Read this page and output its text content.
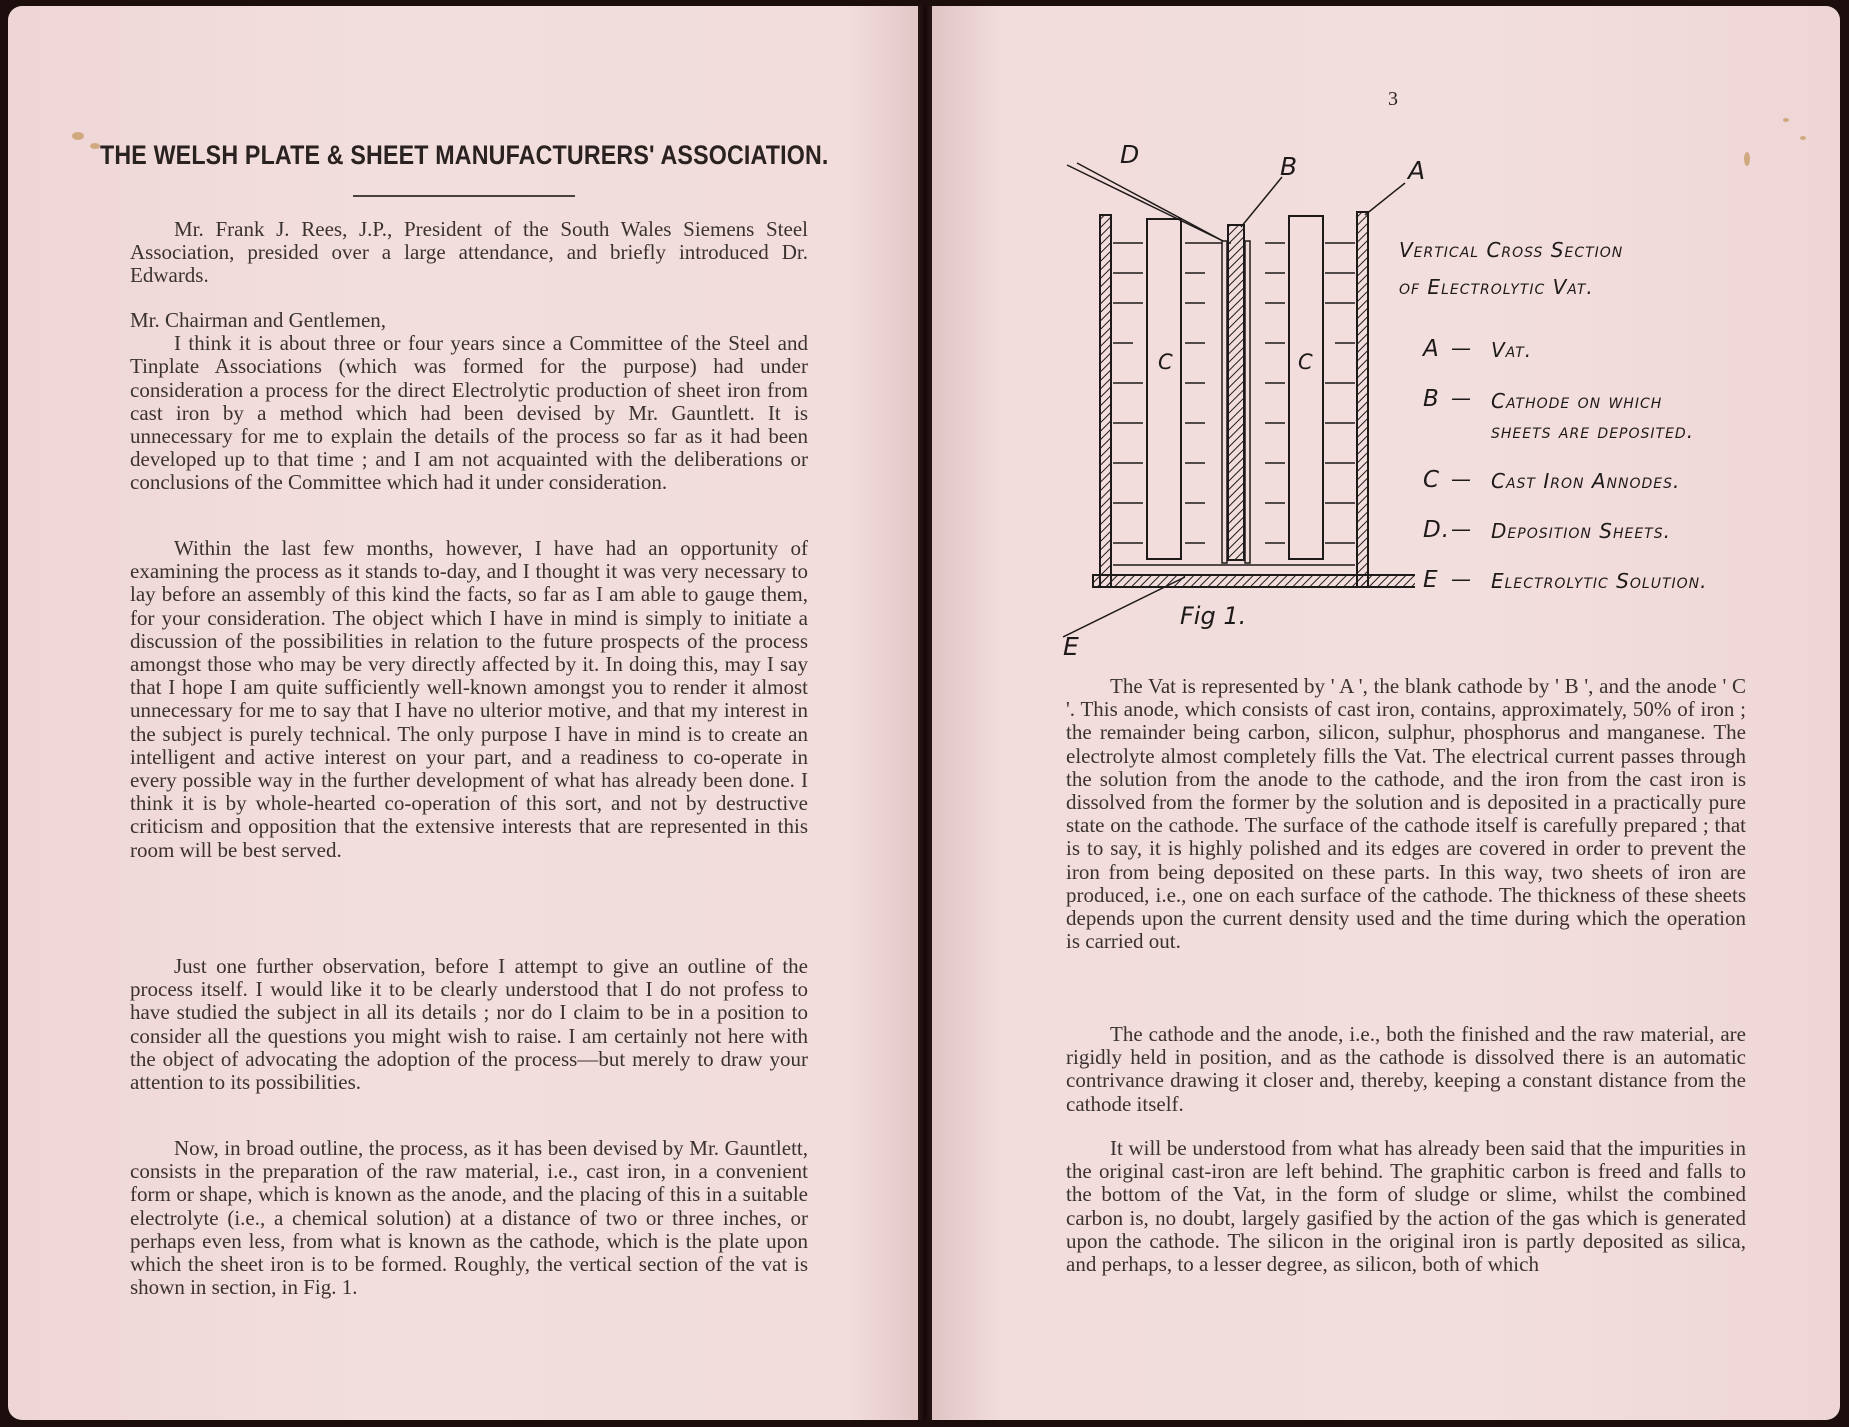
THE WELSH PLATE & SHEET MANUFACTURERS' ASSOCIATION.

Mr. Frank J. Rees, J.P., President of the South Wales Siemens Steel Association, presided over a large attendance, and briefly introduced Dr. Edwards.

Mr. Chairman and Gentlemen,

I think it is about three or four years since a Committee of the Steel and Tinplate Associations (which was formed for the purpose) had under consideration a process for the direct Electrolytic production of sheet iron from cast iron by a method which had been devised by Mr. Gauntlett. It is unnecessary for me to explain the details of the process so far as it had been developed up to that time ; and I am not acquainted with the deliberations or conclusions of the Committee which had it under consideration.

Within the last few months, however, I have had an opportunity of examining the process as it stands to-day, and I thought it was very necessary to lay before an assembly of this kind the facts, so far as I am able to gauge them, for your consideration. The object which I have in mind is simply to initiate a discussion of the possibilities in relation to the future prospects of the process amongst those who may be very directly affected by it. In doing this, may I say that I hope I am quite sufficiently well-known amongst you to render it almost unnecessary for me to say that I have no ulterior motive, and that my interest in the subject is purely technical. The only purpose I have in mind is to create an intelligent and active interest on your part, and a readiness to co-operate in every possible way in the further development of what has already been done. I think it is by whole-hearted co-operation of this sort, and not by destructive criticism and opposition that the extensive interests that are represented in this room will be best served.

Just one further observation, before I attempt to give an outline of the process itself. I would like it to be clearly understood that I do not profess to have studied the subject in all its details ; nor do I claim to be in a position to consider all the questions you might wish to raise. I am certainly not here with the object of advocating the adoption of the process—but merely to draw your attention to its possibilities.

Now, in broad outline, the process, as it has been devised by Mr. Gauntlett, consists in the preparation of the raw material, i.e., cast iron, in a convenient form or shape, which is known as the anode, and the placing of this in a suitable electrolyte (i.e., a chemical solution) at a distance of two or three inches, or perhaps even less, from what is known as the cathode, which is the plate upon which the sheet iron is to be formed. Roughly, the vertical section of the vat is shown in section, in Fig. 1.

3
D	B	A
C	C
E
Fig 1.
Vertical Cross Section
of Electrolytic Vat.
A — Vat.
B — Cathode on which sheets are deposited.
C — Cast Iron Annodes.
D. — Deposition Sheets.
E — Electrolytic Solution.

The Vat is represented by ' A ', the blank cathode by ' B ', and the anode ' C '. This anode, which consists of cast iron, contains, approximately, 50% of iron ; the remainder being carbon, silicon, sulphur, phosphorus and manganese. The electrolyte almost completely fills the Vat. The electrical current passes through the solution from the anode to the cathode, and the iron from the cast iron is dissolved from the former by the solution and is deposited in a practically pure state on the cathode. The surface of the cathode itself is carefully prepared ; that is to say, it is highly polished and its edges are covered in order to prevent the iron from being deposited on these parts. In this way, two sheets of iron are produced, i.e., one on each surface of the cathode. The thickness of these sheets depends upon the current density used and the time during which the operation is carried out.

The cathode and the anode, i.e., both the finished and the raw material, are rigidly held in position, and as the cathode is dissolved there is an automatic contrivance drawing it closer and, thereby, keeping a constant distance from the cathode itself.

It will be understood from what has already been said that the impurities in the original cast-iron are left behind. The graphitic carbon is freed and falls to the bottom of the Vat, in the form of sludge or slime, whilst the combined carbon is, no doubt, largely gasified by the action of the gas which is generated upon the cathode. The silicon in the original iron is partly deposited as silica, and perhaps, to a lesser degree, as silicon, both of which
